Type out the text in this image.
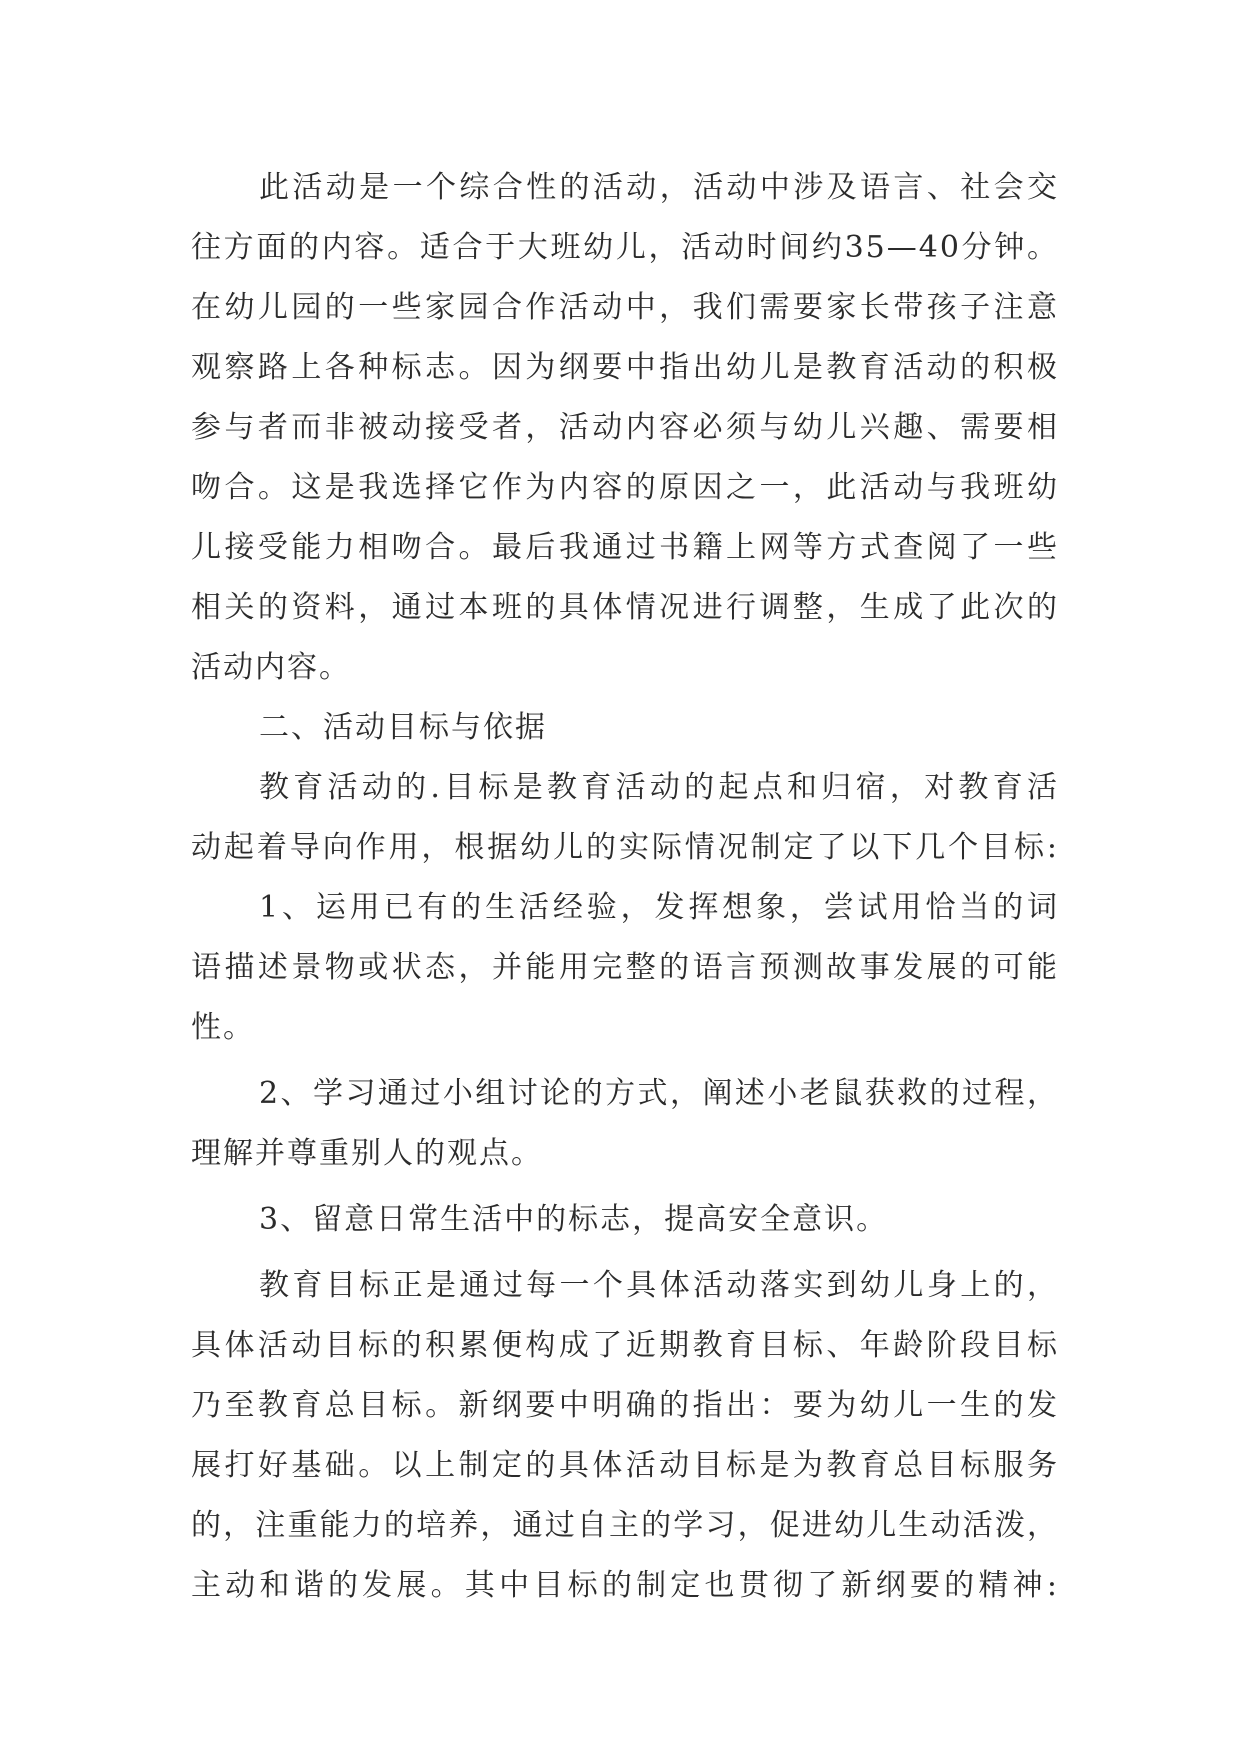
此活动是一个综合性的活动，活动中涉及语言、社会交
往方面的内容。适合于大班幼儿，活动时间约35—40分钟。
在幼儿园的一些家园合作活动中，我们需要家长带孩子注意
观察路上各种标志。因为纲要中指出幼儿是教育活动的积极
参与者而非被动接受者，活动内容必须与幼儿兴趣、需要相
吻合。这是我选择它作为内容的原因之一，此活动与我班幼
儿接受能力相吻合。最后我通过书籍上网等方式查阅了一些
相关的资料，通过本班的具体情况进行调整，生成了此次的
活动内容。
二、活动目标与依据
教育活动的.目标是教育活动的起点和归宿，对教育活
动起着导向作用，根据幼儿的实际情况制定了以下几个目标:
1、运用已有的生活经验，发挥想象，尝试用恰当的词
语描述景物或状态，并能用完整的语言预测故事发展的可能
性。
2、学习通过小组讨论的方式，阐述小老鼠获救的过程，
理解并尊重别人的观点。
3、留意日常生活中的标志，提高安全意识。
教育目标正是通过每一个具体活动落实到幼儿身上的，
具体活动目标的积累便构成了近期教育目标、年龄阶段目标
乃至教育总目标。新纲要中明确的指出：要为幼儿一生的发
展打好基础。以上制定的具体活动目标是为教育总目标服务
的，注重能力的培养，通过自主的学习，促进幼儿生动活泼，
主动和谐的发展。其中目标的制定也贯彻了新纲要的精神:
